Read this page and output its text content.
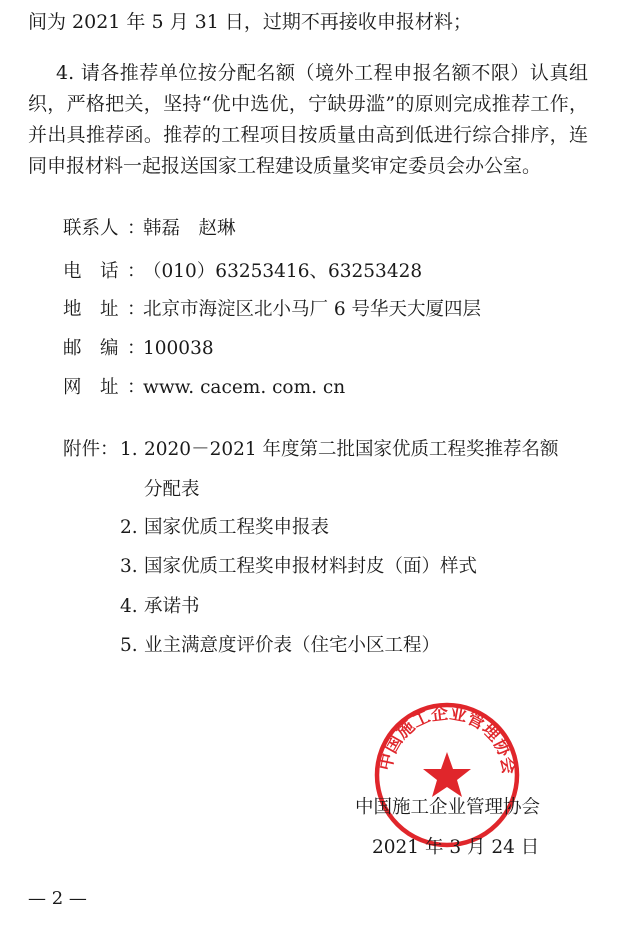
间为 2021 年 5 月 31 日，过期不再接收申报材料；
4. 请各推荐单位按分配名额（境外工程申报名额不限）认真组织，严格把关，坚持“优中选优，宁缺毋滥”的原则完成推荐工作，并出具推荐函。推荐的工程项目按质量由高到低进行综合排序，连同申报材料一起报送国家工程建设质量奖审定委员会办公室。
联系人 ：韩磊　赵琳
电　话 ：（010）63253416、63253428
地　址 ：北京市海淀区北小马厂 6 号华天大厦四层
邮　编 ：100038
网　址 ：www. cacem. com. cn
附件： 1. 2020－2021 年度第二批国家优质工程奖推荐名额
分配表
2. 国家优质工程奖申报表
3. 国家优质工程奖申报材料封皮（面）样式
4. 承诺书
5. 业主满意度评价表（住宅小区工程）
中国施工企业管理协会
中国施工企业管理协会
2021 年 3 月 24 日
— 2 —
